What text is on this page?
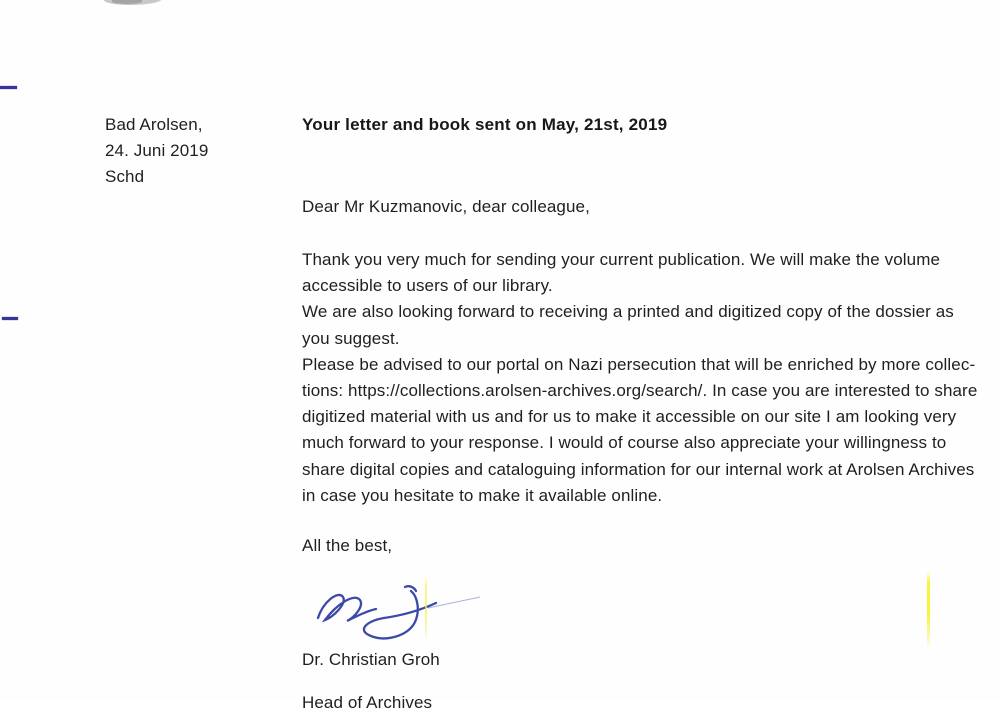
Bad Arolsen,
24. Juni 2019
Schd
Your letter and book sent on May, 21st, 2019
Dear Mr Kuzmanovic, dear colleague,
Thank you very much for sending your current publication. We will make the volume
accessible to users of our library.
We are also looking forward to receiving a printed and digitized copy of the dossier as
you suggest.
Please be advised to our portal on Nazi persecution that will be enriched by more collec-
tions: https://collections.arolsen-archives.org/search/. In case you are interested to share
digitized material with us and for us to make it accessible on our site I am looking very
much forward to your response. I would of course also appreciate your willingness to
share digital copies and cataloguing information for our internal work at Arolsen Archives
in case you hesitate to make it available online.
All the best,
Dr. Christian Groh
Head of Archives
